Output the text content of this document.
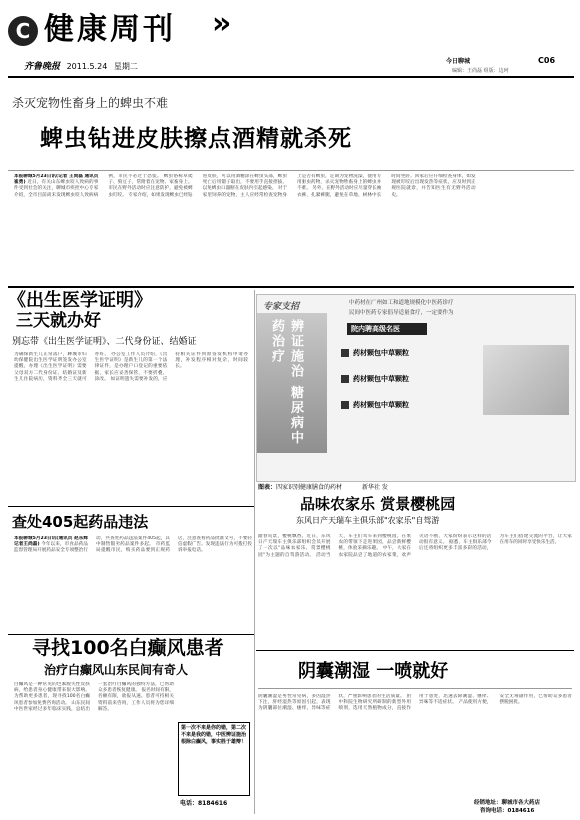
C 健康周刊 »
齐鲁晚报 2011.5.24 星期二
今日聊城	C06
编辑：王尚磊 组版：边珂
杀灭宠物性畜身上的蜱虫不难
蜱虫钻进皮肤擦点酒精就杀死
本报聊城5月23日讯(记者 王尚磊 通讯员 崔勇) 近日，有关山东蜱虫咬人致病的事件受到社会的关注，聊城市疾控中心专家介绍，全市目前尚未发现蜱虫咬人致病病例，市民不必过于恐慌。 蜱虫俗称草爬子、狗豆子，常附着在宠物、家畜身上。市民在野外活动时应注意防护，避免被蜱虫叮咬。 专家介绍，如果发现蜱虫已经钻进皮肤，可以用酒精涂在蜱虫头部，蜱虫死亡后用镊子取出，不要用手直接捏拔，以免蜱虫口器断在皮肤内引起感染。 对于家里饲养的宠物，主人应经常检查宠物身上是否有蜱虫，定期为宠物洗澡，使用专用驱虫药物，杀灭宠物牲畜身上的蜱虫并不难。 另外，在野外活动时应尽量穿长袖衣裤，扎紧裤腿，避免在草地、树林中长时间坐卧。回家后应仔细检查身体，如发现被叮咬后出现发热等症状，应及时到正规医院就诊，并告知医生有无野外活动史。
《出生医学证明》
三天就办好
别忘带《出生医学证明》、二代身份证、结婚证
为确保新生儿正常落户，聊城市妇幼保健院出生医学证明签发办公室提醒，办理《出生医学证明》需要父母双方二代身份证、结婚证及新生儿住院病历，资料齐全三天就可办好。 办公室工作人员介绍，《出生医学证明》是新生儿的第一个法律证件，是办理户口登记的重要依据，家长应妥善保管，不要折叠、涂改。 如证明遗失需要补发的，应持相关证件到原签发机构申请办理，补发程序相对复杂，时间较长。
专家支招
辨证施治 糖尿病中药治疗
中药材在广州如工和道地规模化中医药诊疗
民间中医药专家倡导适量食疗，一定要作为
院内聘高级名医
药材颗包中草颗粒
药材颗包中草颗粒
药材颗包中草颗粒
图表：四家识别健康膳食的药材	新华社 发
品味农家乐 赏景樱桃园
东风日产天瑞车主俱乐部"农家乐"自驾游
踏春赏景，樱桃飘香。近日，东风日产天瑞车主俱乐部组织会员开展了一次以"品味农家乐、赏景樱桃园"为主题的自驾游活动。 活动当天，车主们驾车来到樱桃园，在果农的带领下走进果园，品尝新鲜樱桃，体验采摘乐趣。 中午，大家在农家院品尝了地道的农家菜，欢声笑语不断，大家纷纷表示这样的活动很有意义。 据悉，车主俱乐部今后还将组织更多丰富多彩的活动，为车主们搭建交流的平台，让大家在用车的同时享受快乐生活。
查处405起药品违法
本报聊城5月23日讯(通讯员 赵东辉 记者王尚磊) 今年以来，市食品药品监督管理局开展药品安全专项整治行动，共查处药品违法案件405起，其中制售假劣药品案件多起。 市药监局提醒市民，购买药品要到正规药店，注意查看药品批准文号，不要轻信虚假广告。发现违法行为可拨打投诉举报电话。
寻找100名白癫风患者
治疗白癫风山东民间有奇人
白癫风是一种常见的色素脱失性皮肤病，给患者身心健康带来很大影响。为帮助更多患者，现寻找100名白癫风患者参加免费咨询活动。 山东民间中医世家经过多年临床实践，总结出一套治疗白癫风的独特方法，已帮助众多患者恢复健康。 报名时间有限，名额有限，欲报从速。患者可持相关资料前来咨询，工作人员将为您详细解答。
第一次不来是你的错，第二次不来是我的错，中医辨证施治根除白癫风，事实胜于雄辩！
电话：8184616
阴囊潮湿 一喷就好
阴囊潮湿是男性常见病，多因湿热下注、肝经湿热等原因引起，表现为阴囊部位潮湿、瘙痒、异味等症状，严重影响患者的生活质量。 由中科院生物研究所研制的新型外用喷剂，选用天然植物成分，直接作用于患处，迅速去除潮湿、瘙痒、异味等不适症状。 产品使用方便，安全无毒副作用，已帮助众多患者摆脱困扰。
经销地址：聊城市各大药店
咨询电话：0184616
